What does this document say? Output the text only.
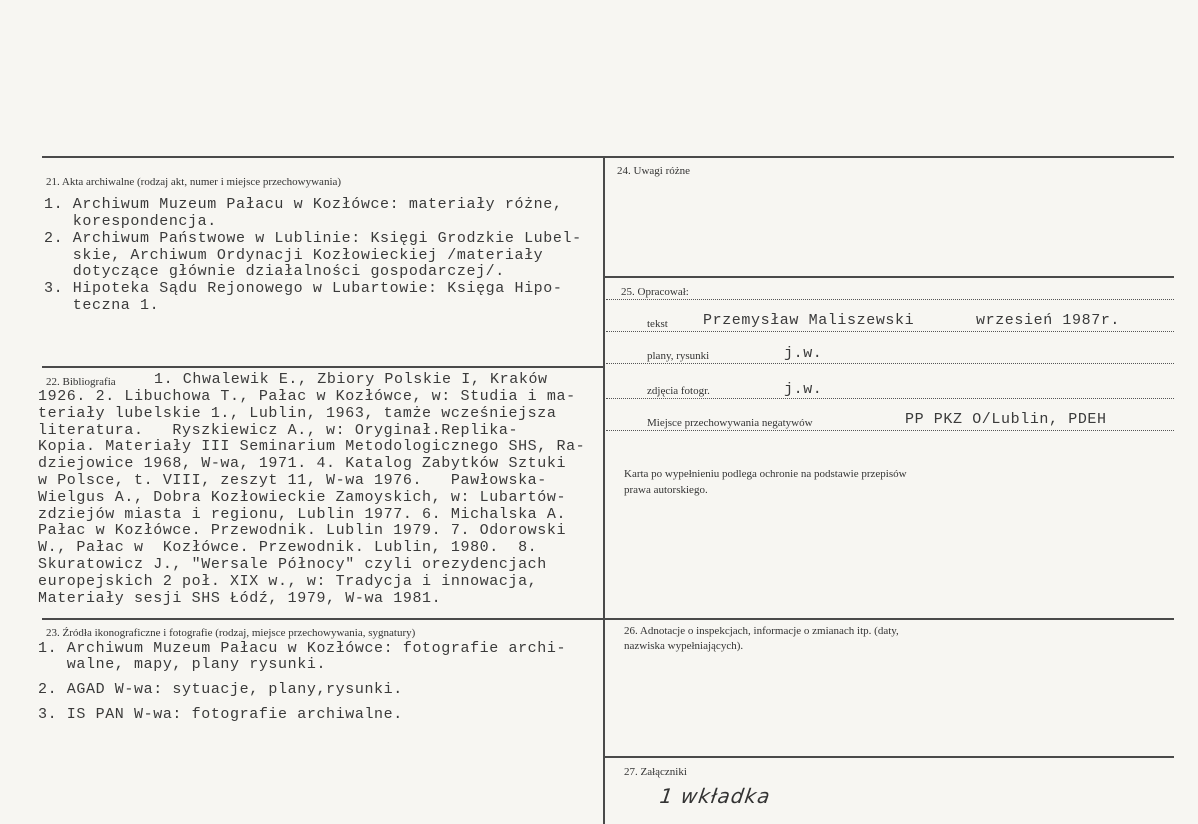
21. Akta archiwalne (rodzaj akt, numer i miejsce przechowywania)
1. Archiwum Muzeum Pałacu w Kozłówce: materiały różne,
korespondencja.
2. Archiwum Państwowe w Lublinie: Księgi Grodzkie Lubel-
skie, Archiwum Ordynacji Kozłowieckiej /materiały
dotyczące głównie działalności gospodarczej/.
3. Hipoteka Sądu Rejonowego w Lubartowie: Księga Hipo-
teczna 1.
22. Bibliografia	1. Chwalewik E., Zbiory Polskie I, Kraków
1926. 2. Libuchowa T., Pałac w Kozłówce, w: Studia i ma-
teriały lubelskie 1., Lublin, 1963, tamże wcześniejsza
literatura.   Ryszkiewicz A., w: Oryginał.Replika-
Kopia. Materiały III Seminarium Metodologicznego SHS, Ra-
dziejowice 1968, W-wa, 1971. 4. Katalog Zabytków Sztuki
w Polsce, t. VIII, zeszyt 11, W-wa 1976.   Pawłowska-
Wielgus A., Dobra Kozłowieckie Zamoyskich, w: Lubartów-
zdziejów miasta i regionu, Lublin 1977. 6. Michalska A.
Pałac w Kozłówce. Przewodnik. Lublin 1979. 7. Odorowski
W., Pałac w  Kozłówce. Przewodnik. Lublin, 1980.  8.
Skuratowicz J., "Wersale Północy" czyli orezydencjach
europejskich 2 poł. XIX w., w: Tradycja i innowacja,
Materiały sesji SHS Łódź, 1979, W-wa 1981.
23. Źródła ikonograficzne i fotografie (rodzaj, miejsce przechowywania, sygnatury)
1. Archiwum Muzeum Pałacu w Kozłówce: fotografie archi-
walne, mapy, plany rysunki.
2. AGAD W-wa: sytuacje, plany,rysunki.
3. IS PAN W-wa: fotografie archiwalne.
24. Uwagi różne
25. Opracował:
tekst Przemysław Maliszewski	wrzesień 1987r.
plany, rysunki	j.w.
zdjęcia fotogr.	j.w.
Miejsce przechowywania negatywów	PP PKZ O/Lublin, PDEH
Karta po wypełnieniu podlega ochronie na podstawie przepisów
prawa autorskiego.
26. Adnotacje o inspekcjach, informacje o zmianach itp. (daty,
nazwiska wypełniających).
27. Załączniki
1 wkładka
